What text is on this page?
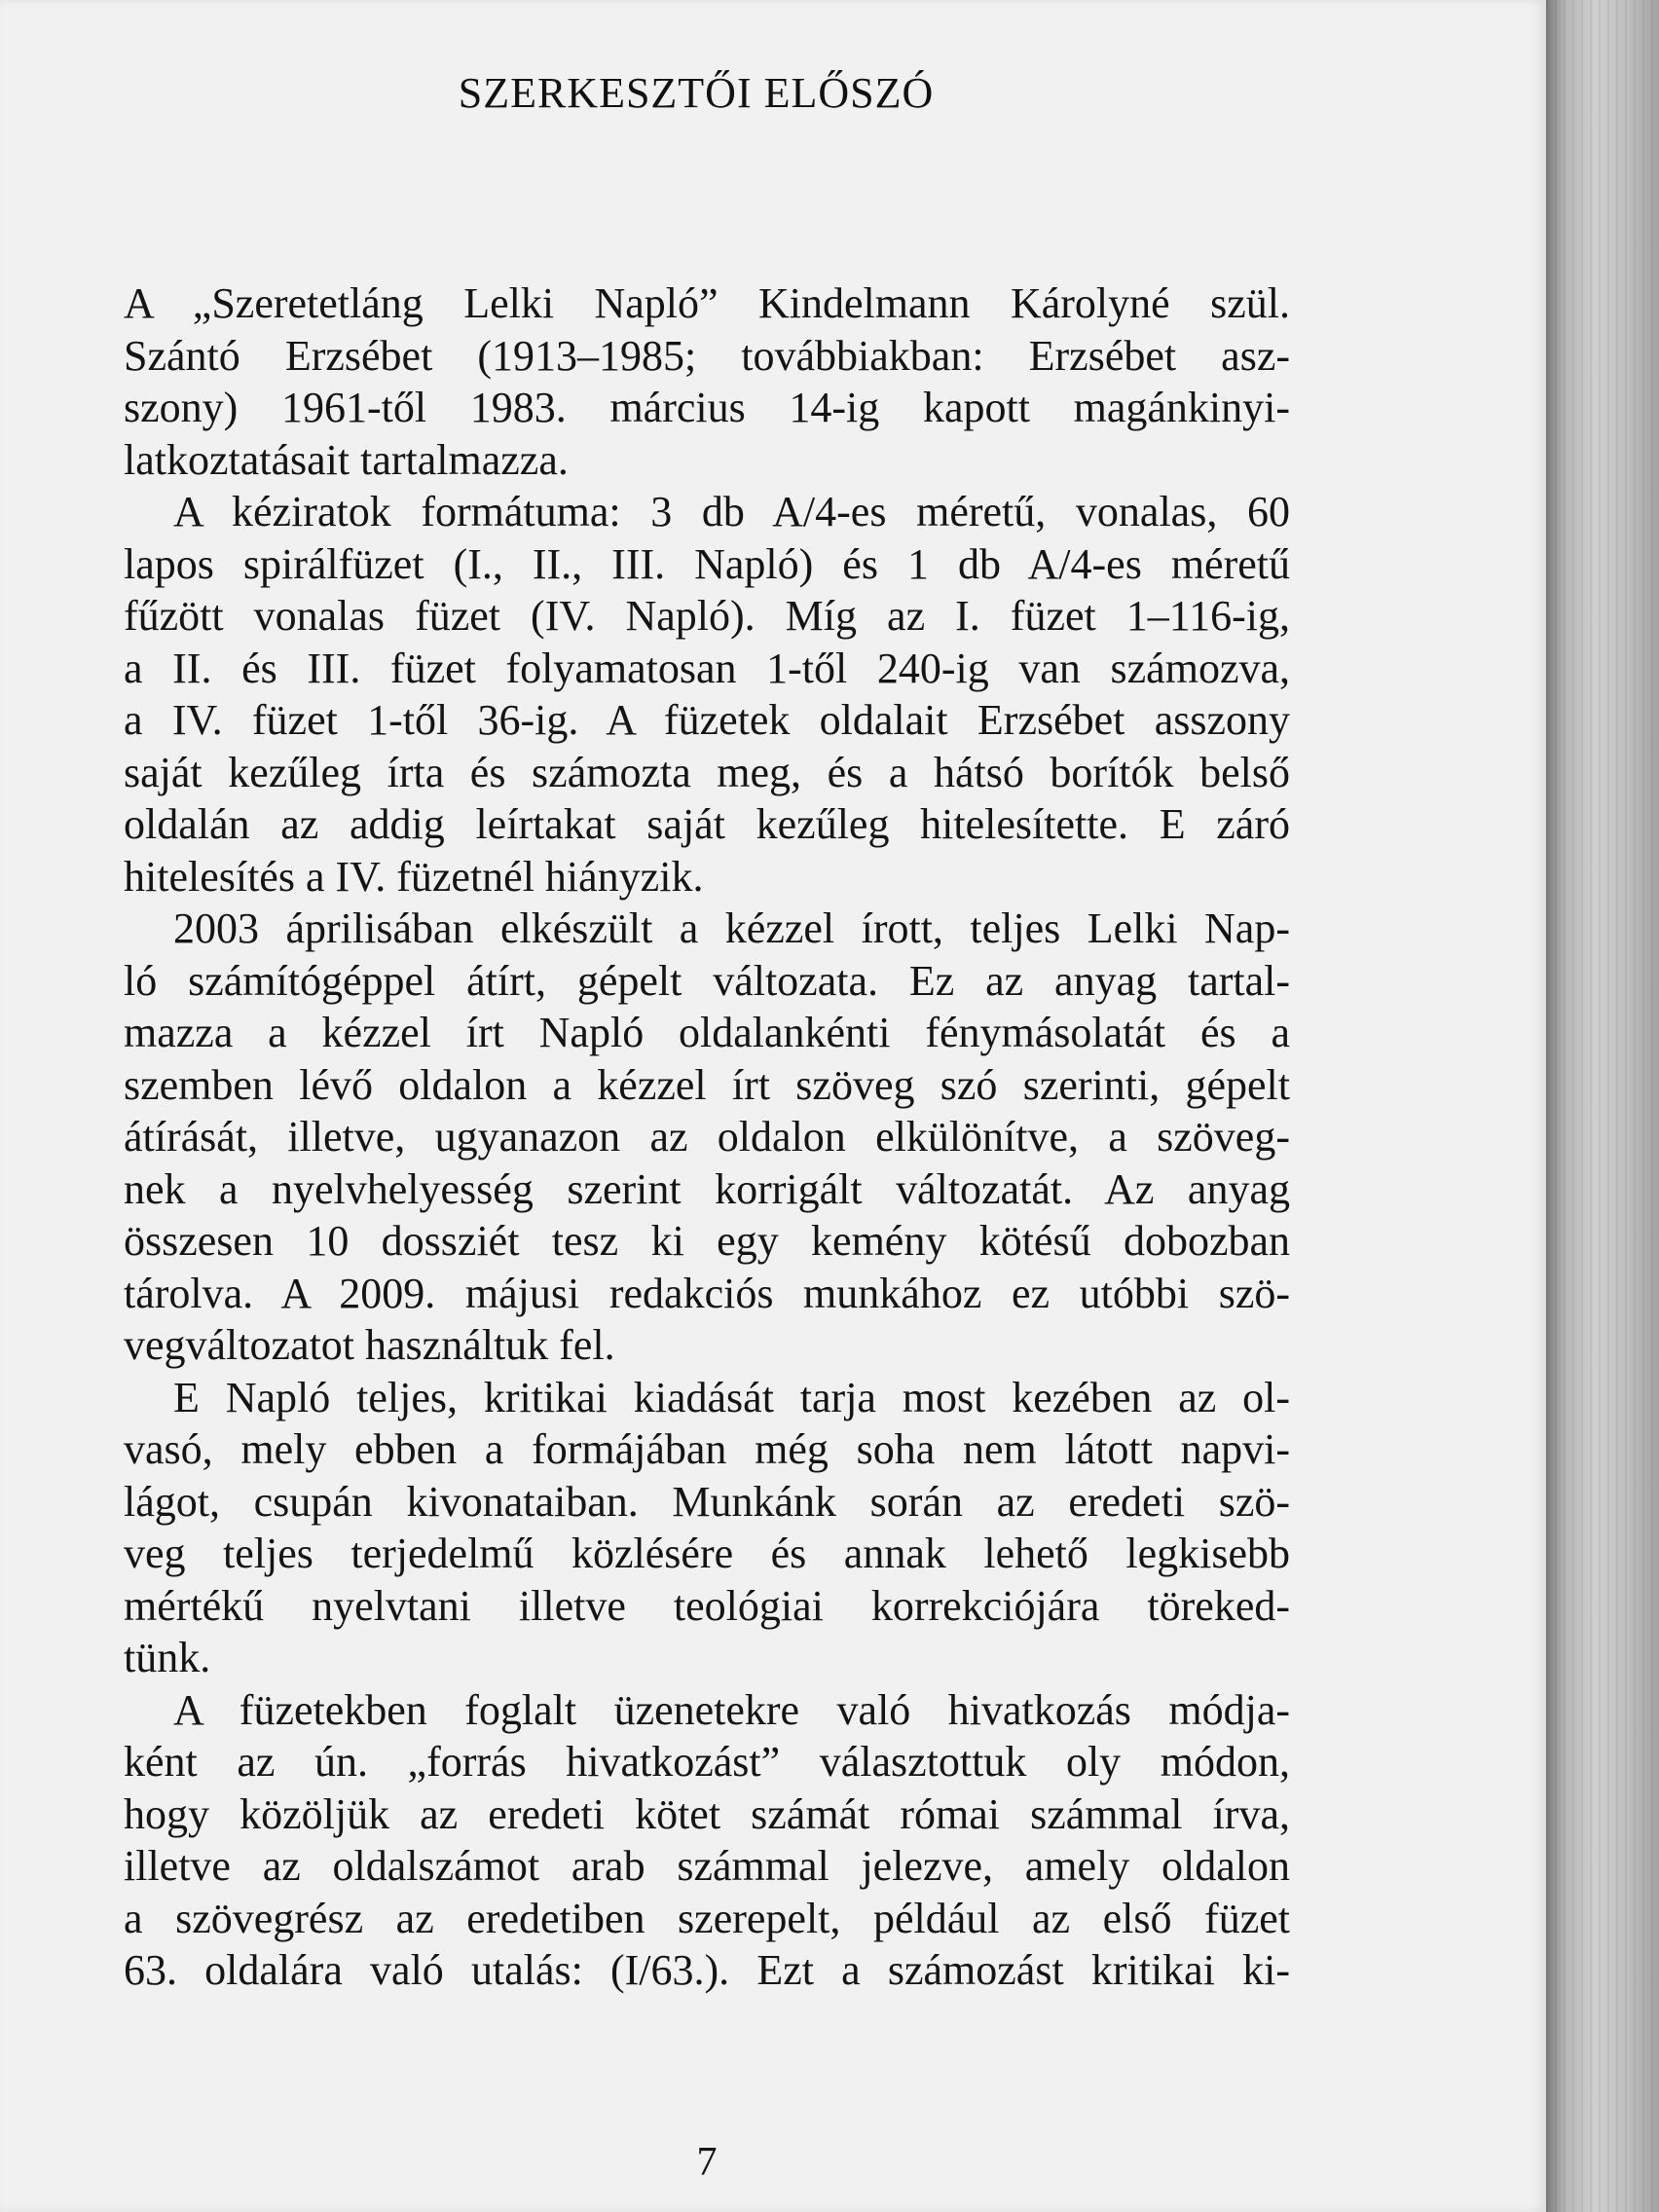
SZERKESZTŐI ELŐSZÓ
A „Szeretetláng Lelki Napló” Kindelmann Károlyné szül.
Szántó Erzsébet (1913–1985; továbbiakban: Erzsébet asz-
szony) 1961-től 1983. március 14-ig kapott magánkinyi-
latkoztatásait tartalmazza.
A kéziratok formátuma: 3 db A/4-es méretű, vonalas, 60
lapos spirálfüzet (I., II., III. Napló) és 1 db A/4-es méretű
fűzött vonalas füzet (IV. Napló). Míg az I. füzet 1–116-ig,
a II. és III. füzet folyamatosan 1-től 240-ig van számozva,
a IV. füzet 1-től 36-ig. A füzetek oldalait Erzsébet asszony
saját kezűleg írta és számozta meg, és a hátsó borítók belső
oldalán az addig leírtakat saját kezűleg hitelesítette. E záró
hitelesítés a IV. füzetnél hiányzik.
2003 áprilisában elkészült a kézzel írott, teljes Lelki Nap-
ló számítógéppel átírt, gépelt változata. Ez az anyag tartal-
mazza a kézzel írt Napló oldalankénti fénymásolatát és a
szemben lévő oldalon a kézzel írt szöveg szó szerinti, gépelt
átírását, illetve, ugyanazon az oldalon elkülönítve, a szöveg-
nek a nyelvhelyesség szerint korrigált változatát. Az anyag
összesen 10 dossziét tesz ki egy kemény kötésű dobozban
tárolva. A 2009. májusi redakciós munkához ez utóbbi szö-
vegváltozatot használtuk fel.
E Napló teljes, kritikai kiadását tarja most kezében az ol-
vasó, mely ebben a formájában még soha nem látott napvi-
lágot, csupán kivonataiban. Munkánk során az eredeti szö-
veg teljes terjedelmű közlésére és annak lehető legkisebb
mértékű nyelvtani illetve teológiai korrekciójára töreked-
tünk.
A füzetekben foglalt üzenetekre való hivatkozás módja-
ként az ún. „forrás hivatkozást” választottuk oly módon,
hogy közöljük az eredeti kötet számát római számmal írva,
illetve az oldalszámot arab számmal jelezve, amely oldalon
a szövegrész az eredetiben szerepelt, például az első füzet
63. oldalára való utalás: (I/63.). Ezt a számozást kritikai ki-
7
